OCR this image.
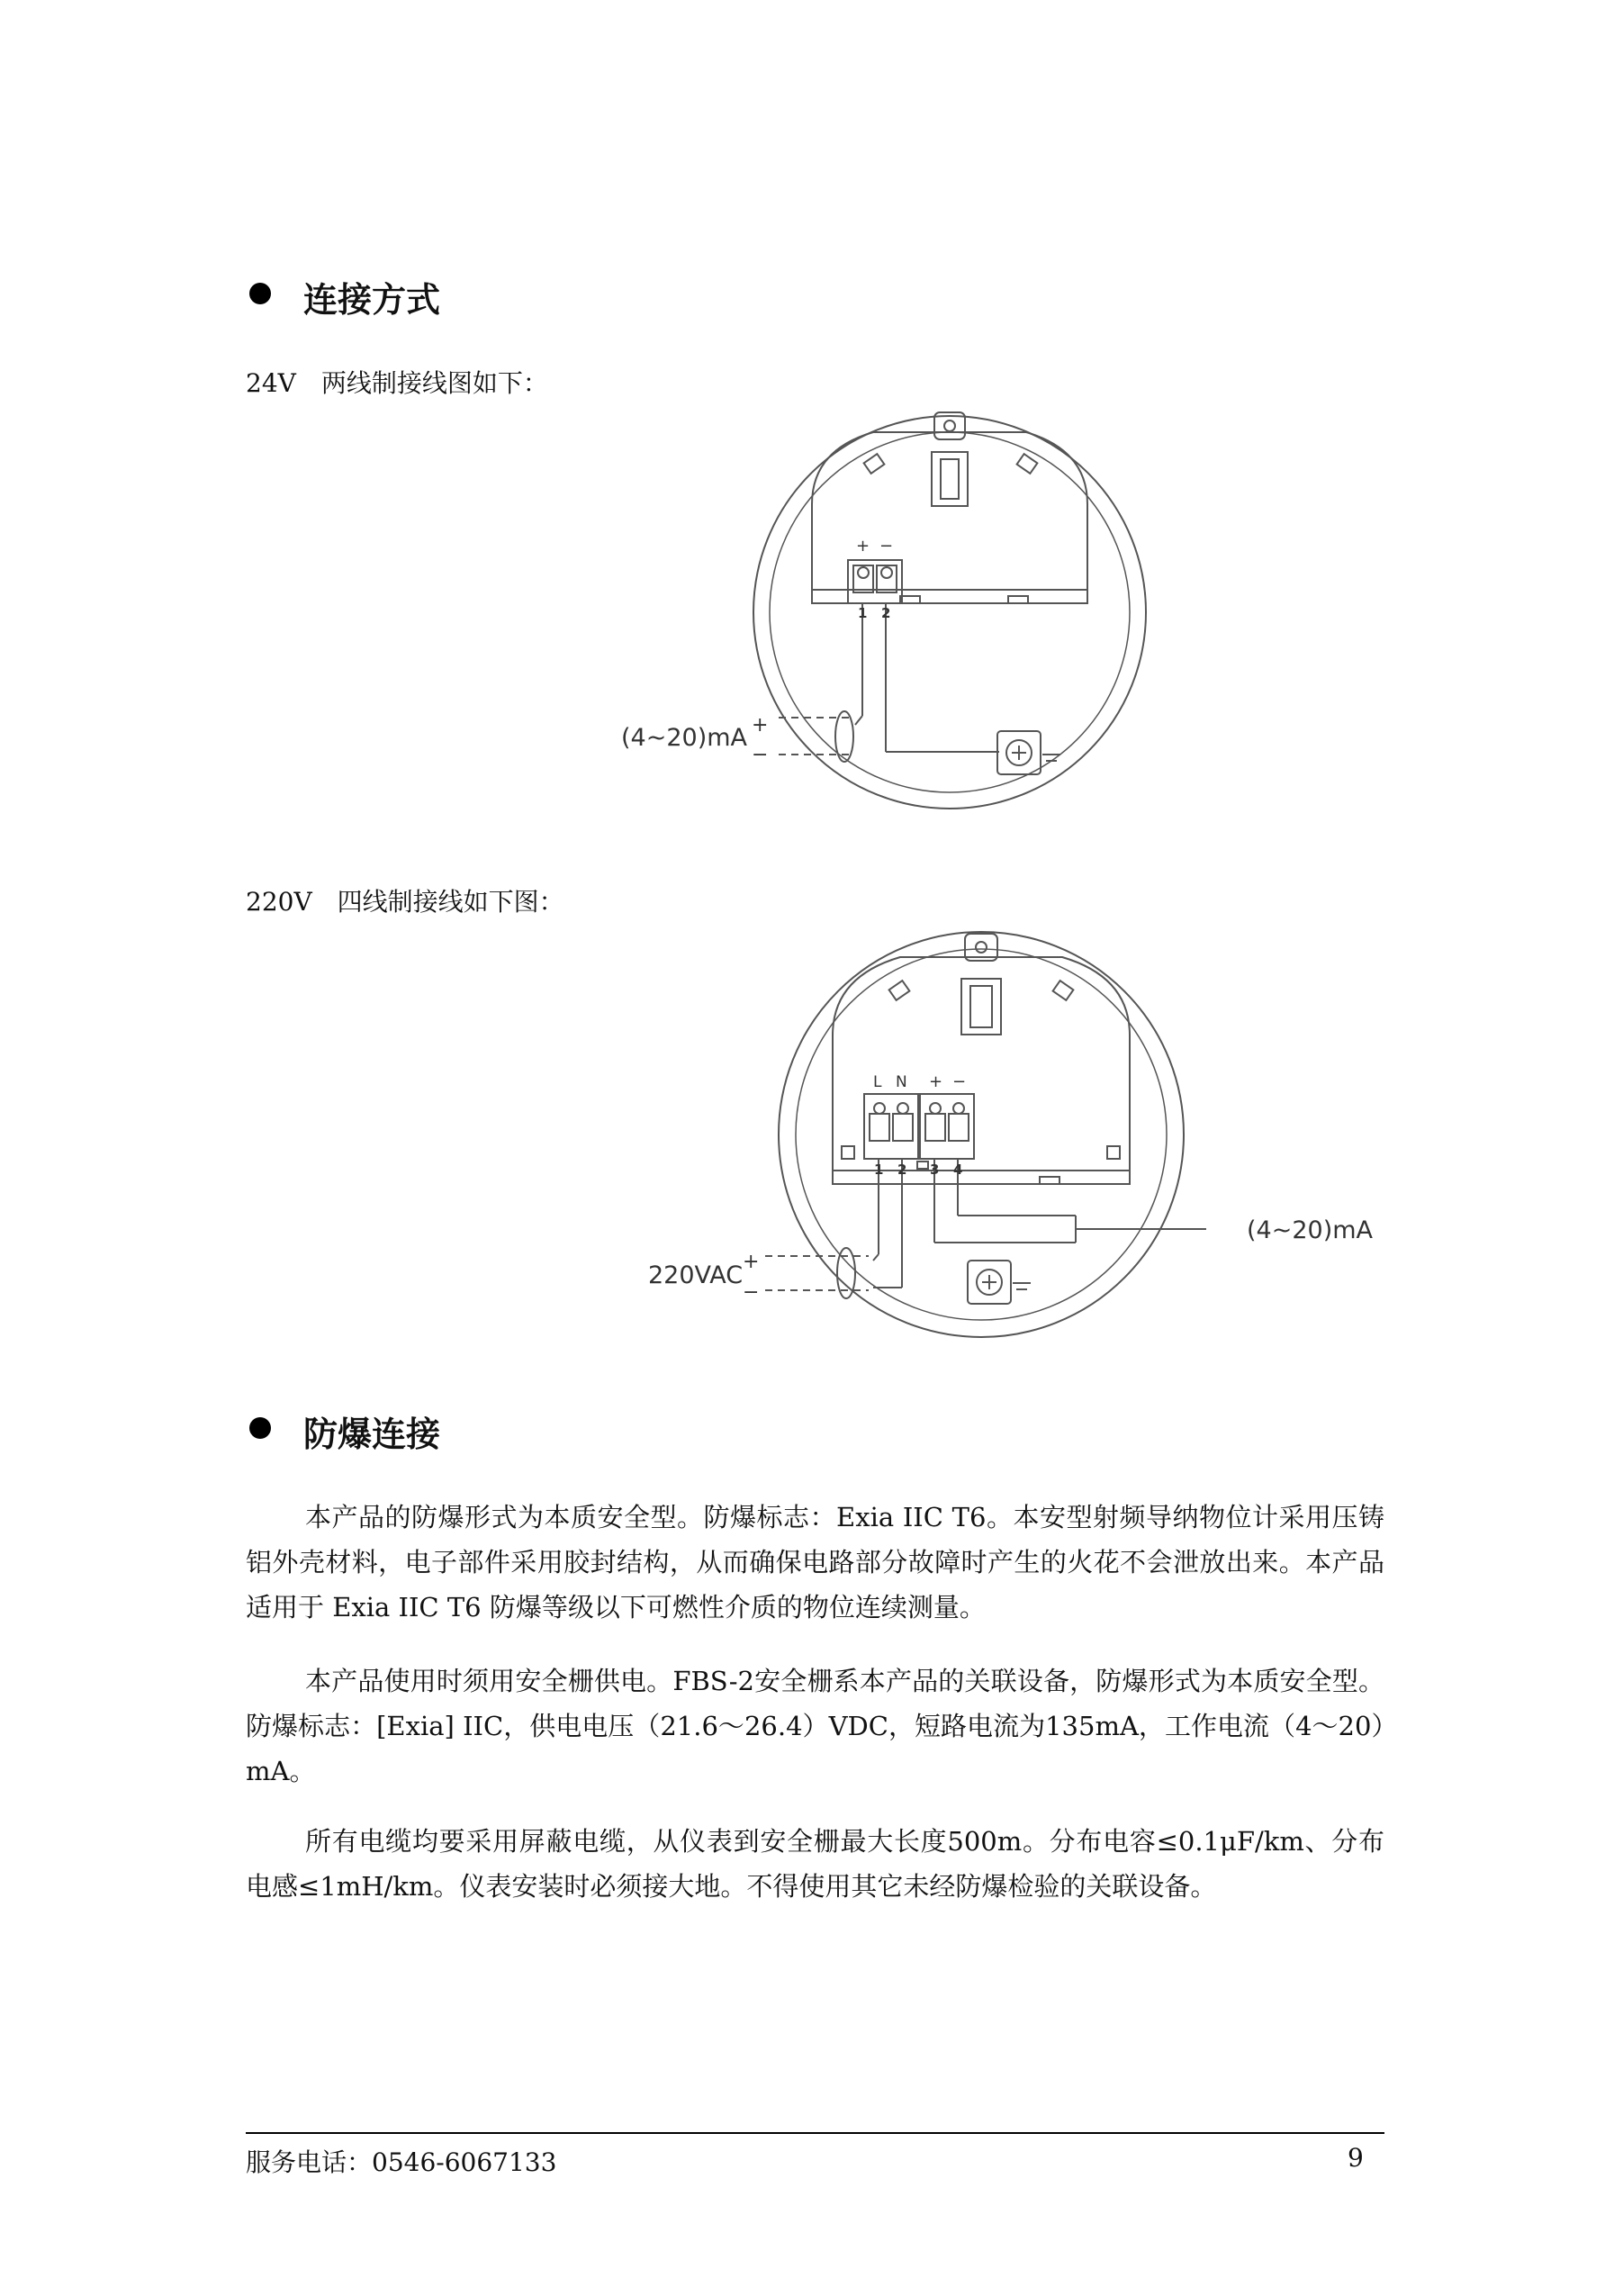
连接方式
24V　两线制接线图如下：
+ −
1 2
(4~20)mA +
−
220V　四线制接线如下图：
L N + −
1 2 3 4
(4~20)mA
220VAC +
−
防爆连接
本产品的防爆形式为本质安全型。防爆标志：Exia IIC T6。本安型射频导纳物位计采用压铸铝外壳材料，电子部件采用胶封结构，从而确保电路部分故障时产生的火花不会泄放出来。本产品适用于 Exia IIC T6 防爆等级以下可燃性介质的物位连续测量。
本产品使用时须用安全栅供电。FBS-2安全栅系本产品的关联设备，防爆形式为本质安全型。防爆标志：[Exia] IIC，供电电压（21.6～26.4）VDC，短路电流为135mA，工作电流（4～20）mA。
所有电缆均要采用屏蔽电缆，从仪表到安全栅最大长度500m。分布电容≤0.1μF/km、分布电感≤1mH/km。仪表安装时必须接大地。不得使用其它未经防爆检验的关联设备。
服务电话：0546-6067133	9
